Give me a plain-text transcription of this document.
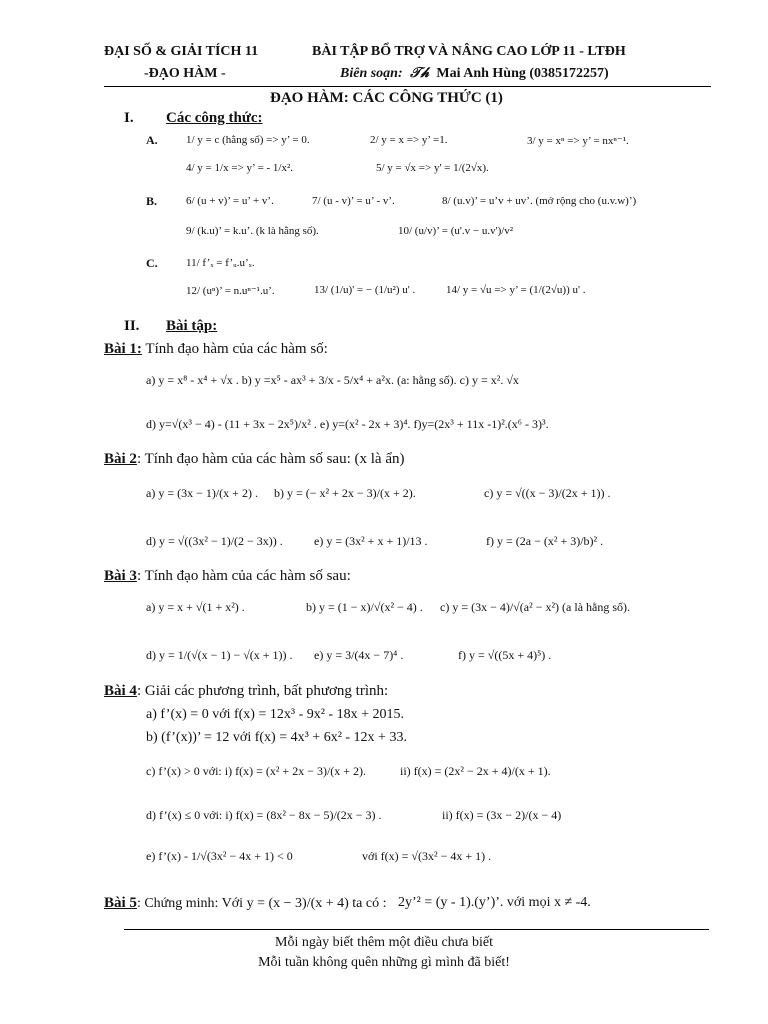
ĐẠI SỐ & GIẢI TÍCH 11
-ĐẠO HÀM -
BÀI TẬP BỔ TRỢ VÀ NÂNG CAO LỚP 11 - LTĐH
Biên soạn: 𝒯𝒽 Mai Anh Hùng (0385172257)
ĐẠO HÀM: CÁC CÔNG THỨC (1)
I. Các công thức:
A.	1/ y = c (hằng số) => y’ = 0.	2/ y = x => y’ =1.	3/ y = xⁿ => y’ = nxⁿ⁻¹.
4/ y = 1/x => y’ = - 1/x².	5/ y = √x => y' = 1/(2√x).
B.	6/ (u + v)’ = u’ + v’.	7/ (u - v)’ = u’ - v’.	8/ (u.v)’ = u’v + uv’. (mở rộng cho (u.v.w)’)
9/ (k.u)’ = k.u’. (k là hằng số).	10/ (u/v)’ = (u'.v − u.v')/v²
C.	11/ f’ₓ = f’ᵤ.u’ₓ.
12/ (uⁿ)’ = n.uⁿ⁻¹.u’.	13/ (1/u)' = − (1/u²) u' .	14/ y = √u => y’ = (1/(2√u)) u' .
II. Bài tập:
Bài 1: Tính đạo hàm của các hàm số:
a) y = x⁸ - x⁴ + √x . b) y =x⁵ - ax³ + 3/x - 5/x⁴ + a²x. (a: hằng số). c) y = x². √x
d) y=√(x³ − 4) - (11 + 3x − 2x⁵)/x² . e) y=(x² - 2x + 3)⁴. f)y=(2x³ + 11x -1)².(x⁶ - 3)³.
Bài 2: Tính đạo hàm của các hàm số sau: (x là ẩn)
a) y = (3x − 1)/(x + 2) . b) y = (− x² + 2x − 3)/(x + 2).	c) y = √((x − 3)/(2x + 1)) .
d) y = √((3x² − 1)/(2 − 3x)) .	e) y = (3x² + x + 1)/13 .	f) y = (2a − (x² + 3)/b)² .
Bài 3: Tính đạo hàm của các hàm số sau:
a) y = x + √(1 + x²) .	b) y = (1 − x)/√(x² − 4) . c) y = (3x − 4)/√(a² − x²) (a là hằng số).
d) y = 1/(√(x − 1) − √(x + 1)) . e) y = 3/(4x − 7)⁴ .	f) y = √((5x + 4)⁵) .
Bài 4: Giải các phương trình, bất phương trình:
a) f’(x) = 0 với f(x) = 12x³ - 9x² - 18x + 2015.
b) (f’(x))’ = 12 với f(x) = 4x³ + 6x² - 12x + 33.
c) f’(x) > 0 với: i) f(x) = (x² + 2x − 3)/(x + 2).	ii) f(x) = (2x² − 2x + 4)/(x + 1).
d) f’(x) ≤ 0 với: i) f(x) = (8x² − 8x − 5)/(2x − 3) .	ii) f(x) = (3x − 2)/(x − 4)
e) f’(x) - 1/√(3x² − 4x + 1) < 0	với f(x) = √(3x² − 4x + 1) .
Bài 5: Chứng minh: Với y = (x − 3)/(x + 4) ta có : 2y’² = (y - 1).(y’)’. với mọi x ≠ -4.
Mỗi ngày biết thêm một điều chưa biết
Mỗi tuần không quên những gì mình đã biết!
